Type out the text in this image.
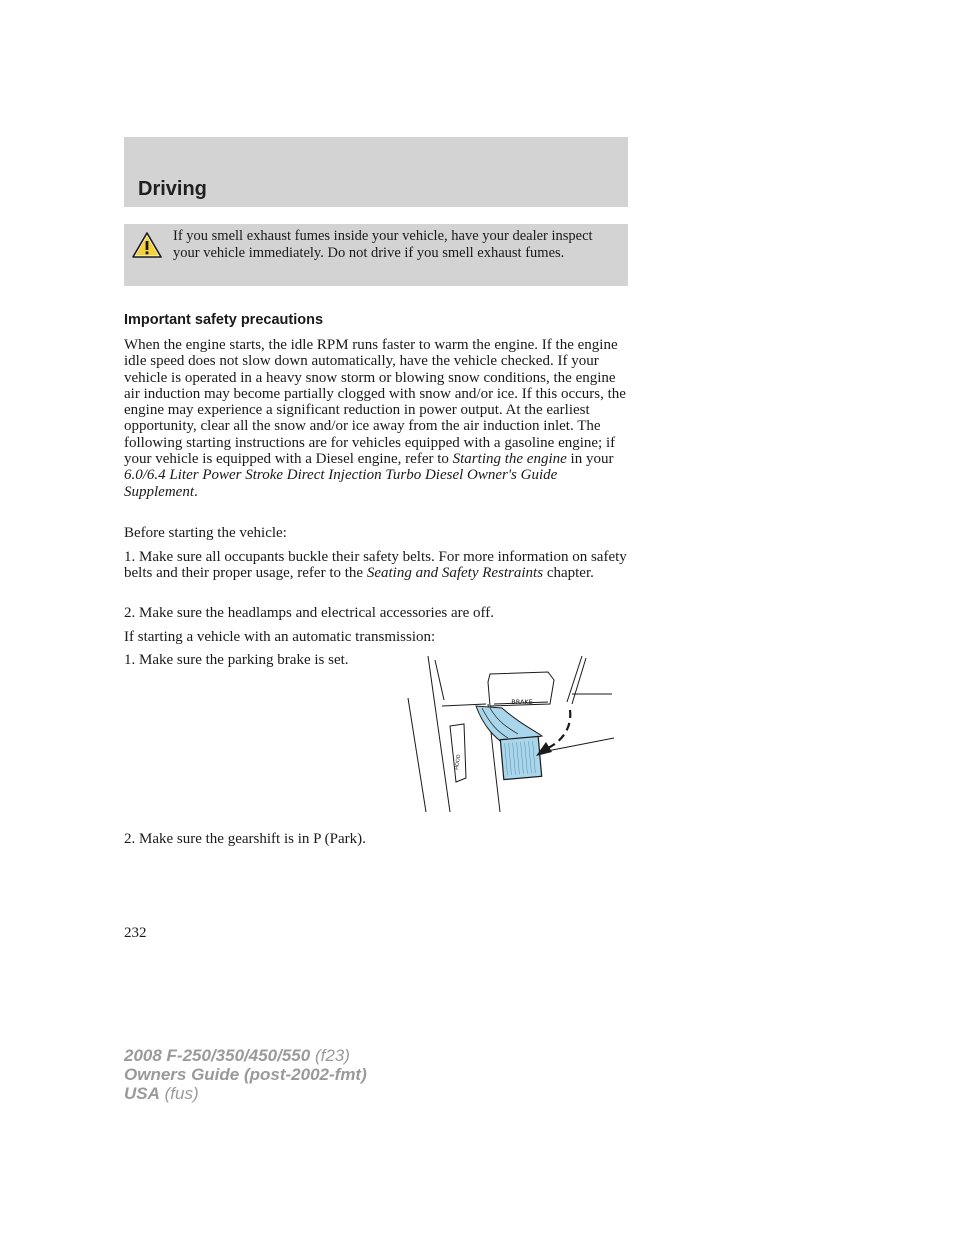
Driving

If you smell exhaust fumes inside your vehicle, have your dealer inspect your vehicle immediately. Do not drive if you smell exhaust fumes.

Important safety precautions

When the engine starts, the idle RPM runs faster to warm the engine. If the engine idle speed does not slow down automatically, have the vehicle checked. If your vehicle is operated in a heavy snow storm or blowing snow conditions, the engine air induction may become partially clogged with snow and/or ice. If this occurs, the engine may experience a significant reduction in power output. At the earliest opportunity, clear all the snow and/or ice away from the air induction inlet. The following starting instructions are for vehicles equipped with a gasoline engine; if your vehicle is equipped with a Diesel engine, refer to Starting the engine in your 6.0/6.4 Liter Power Stroke Direct Injection Turbo Diesel Owner's Guide Supplement.

Before starting the vehicle:

1. Make sure all occupants buckle their safety belts. For more information on safety belts and their proper usage, refer to the Seating and Safety Restraints chapter.

2. Make sure the headlamps and electrical accessories are off.

If starting a vehicle with an automatic transmission:

1. Make sure the parking brake is set.

BRAKE
HOOD

2. Make sure the gearshift is in P (Park).

232

2008 F-250/350/450/550 (f23)
Owners Guide (post-2002-fmt)
USA (fus)
